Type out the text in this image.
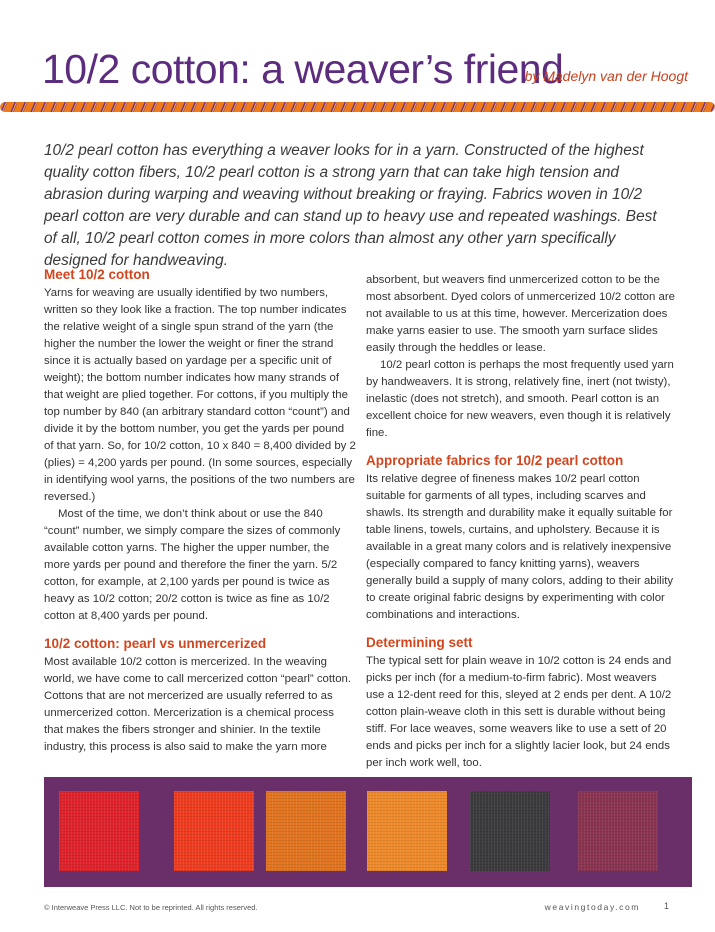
10/2 cotton: a weaver’s friend
by Madelyn van der Hoogt

10/2 pearl cotton has everything a weaver looks for in a yarn. Constructed of the highest quality cotton fibers, 10/2 pearl cotton is a strong yarn that can take high tension and abrasion during warping and weaving without breaking or fraying. Fabrics woven in 10/2 pearl cotton are very durable and can stand up to heavy use and repeated washings. Best of all, 10/2 pearl cotton comes in more colors than almost any other yarn specifically designed for handweaving.

Meet 10/2 cotton

Yarns for weaving are usually identified by two numbers, written so they look like a fraction. The top number indicates the relative weight of a single spun strand of the yarn (the higher the number the lower the weight or finer the strand since it is actually based on yardage per a specific unit of weight); the bottom number indicates how many strands of that weight are plied together. For cottons, if you multiply the top number by 840 (an arbitrary standard cotton “count”) and divide it by the bottom number, you get the yards per pound of that yarn. So, for 10/2 cotton, 10 x 840 = 8,400 divided by 2 (plies) = 4,200 yards per pound. (In some sources, especially in identifying wool yarns, the positions of the two numbers are reversed.)

Most of the time, we don’t think about or use the 840 “count” number, we simply compare the sizes of commonly available cotton yarns. The higher the upper number, the more yards per pound and therefore the finer the yarn. 5/2 cotton, for example, at 2,100 yards per pound is twice as heavy as 10/2 cotton; 20/2 cotton is twice as fine as 10/2 cotton at 8,400 yards per pound.

10/2 cotton: pearl vs unmercerized

Most available 10/2 cotton is mercerized. In the weaving world, we have come to call mercerized cotton “pearl” cotton. Cottons that are not mercerized are usually referred to as unmercerized cotton. Mercerization is a chemical process that makes the fibers stronger and shinier. In the textile industry, this process is also said to make the yarn more

absorbent, but weavers find unmercerized cotton to be the most absorbent. Dyed colors of unmercerized 10/2 cotton are not available to us at this time, however. Mercerization does make yarns easier to use. The smooth yarn surface slides easily through the heddles or lease.

10/2 pearl cotton is perhaps the most frequently used yarn by handweavers. It is strong, relatively fine, inert (not twisty), inelastic (does not stretch), and smooth. Pearl cotton is an excellent choice for new weavers, even though it is relatively fine.

Appropriate fabrics for 10/2 pearl cotton

Its relative degree of fineness makes 10/2 pearl cotton suitable for garments of all types, including scarves and shawls. Its strength and durability make it equally suitable for table linens, towels, curtains, and upholstery. Because it is available in a great many colors and is relatively inexpensive (especially compared to fancy knitting yarns), weavers generally build a supply of many colors, adding to their ability to create original fabric designs by experimenting with color combinations and interactions.

Determining sett

The typical sett for plain weave in 10/2 cotton is 24 ends and picks per inch (for a medium-to-firm fabric). Most weavers use a 12-dent reed for this, sleyed at 2 ends per dent. A 10/2 cotton plain-weave cloth in this sett is durable without being stiff. For lace weaves, some weavers like to use a sett of 20 ends and picks per inch for a slightly lacier look, but 24 ends per inch work well, too.

© Interweave Press LLC. Not to be reprinted. All rights reserved.	weavingtoday.com	1
